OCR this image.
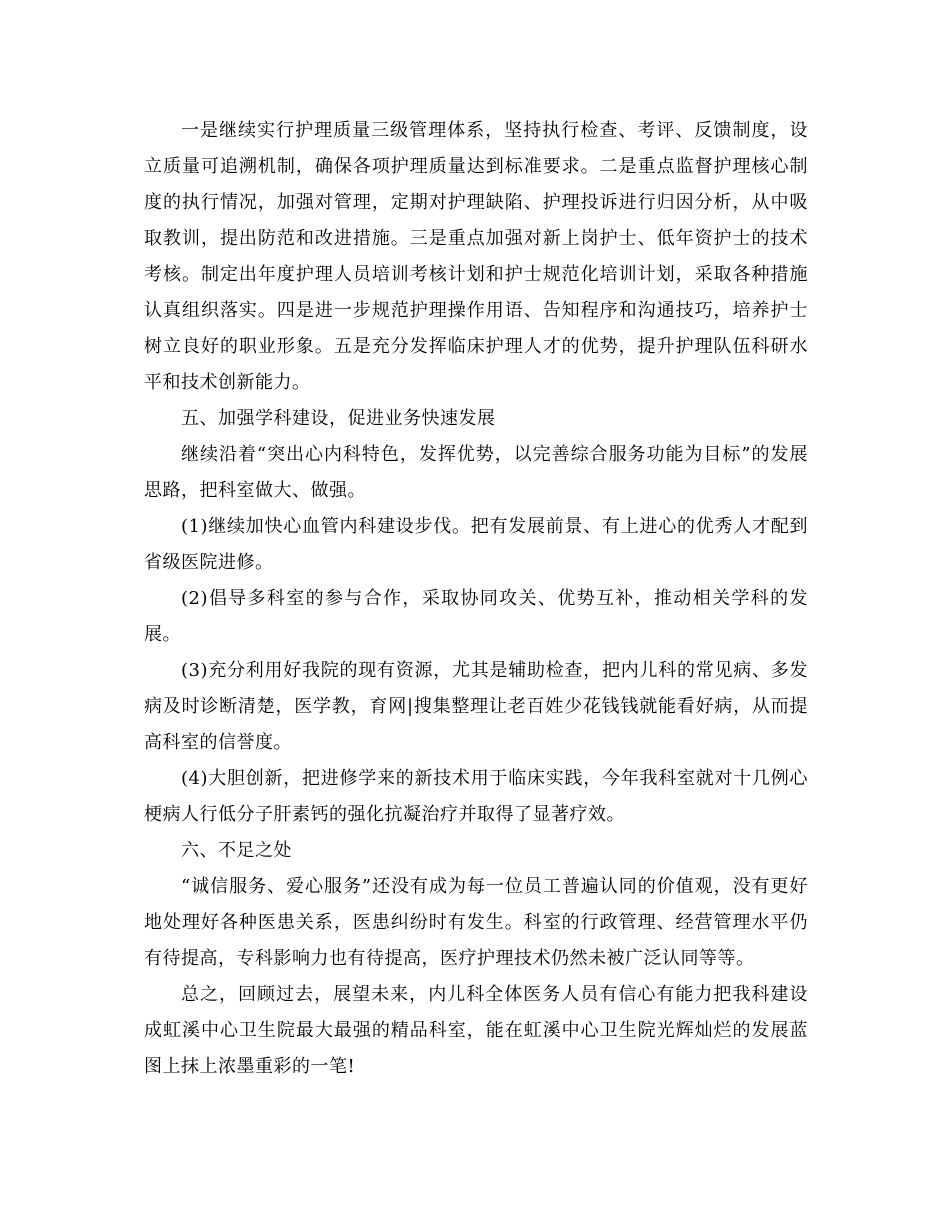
一是继续实行护理质量三级管理体系，坚持执行检查、考评、反馈制度，设立质量可追溯机制，确保各项护理质量达到标准要求。二是重点监督护理核心制度的执行情况，加强对管理，定期对护理缺陷、护理投诉进行归因分析，从中吸取教训，提出防范和改进措施。三是重点加强对新上岗护士、低年资护士的技术考核。制定出年度护理人员培训考核计划和护士规范化培训计划，采取各种措施认真组织落实。四是进一步规范护理操作用语、告知程序和沟通技巧，培养护士树立良好的职业形象。五是充分发挥临床护理人才的优势，提升护理队伍科研水平和技术创新能力。

五、加强学科建设，促进业务快速发展

继续沿着“突出心内科特色，发挥优势，以完善综合服务功能为目标”的发展思路，把科室做大、做强。

(1)继续加快心血管内科建设步伐。把有发展前景、有上进心的优秀人才配到省级医院进修。

(2)倡导多科室的参与合作，采取协同攻关、优势互补，推动相关学科的发展。

(3)充分利用好我院的现有资源，尤其是辅助检查，把内儿科的常见病、多发病及时诊断清楚，医学教，育网|搜集整理让老百姓少花钱钱就能看好病，从而提高科室的信誉度。

(4)大胆创新，把进修学来的新技术用于临床实践，今年我科室就对十几例心梗病人行低分子肝素钙的强化抗凝治疗并取得了显著疗效。

六、不足之处

“诚信服务、爱心服务”还没有成为每一位员工普遍认同的价值观，没有更好地处理好各种医患关系，医患纠纷时有发生。科室的行政管理、经营管理水平仍有待提高，专科影响力也有待提高，医疗护理技术仍然未被广泛认同等等。

总之，回顾过去，展望未来，内儿科全体医务人员有信心有能力把我科建设成虹溪中心卫生院最大最强的精品科室，能在虹溪中心卫生院光辉灿烂的发展蓝图上抹上浓墨重彩的一笔!
